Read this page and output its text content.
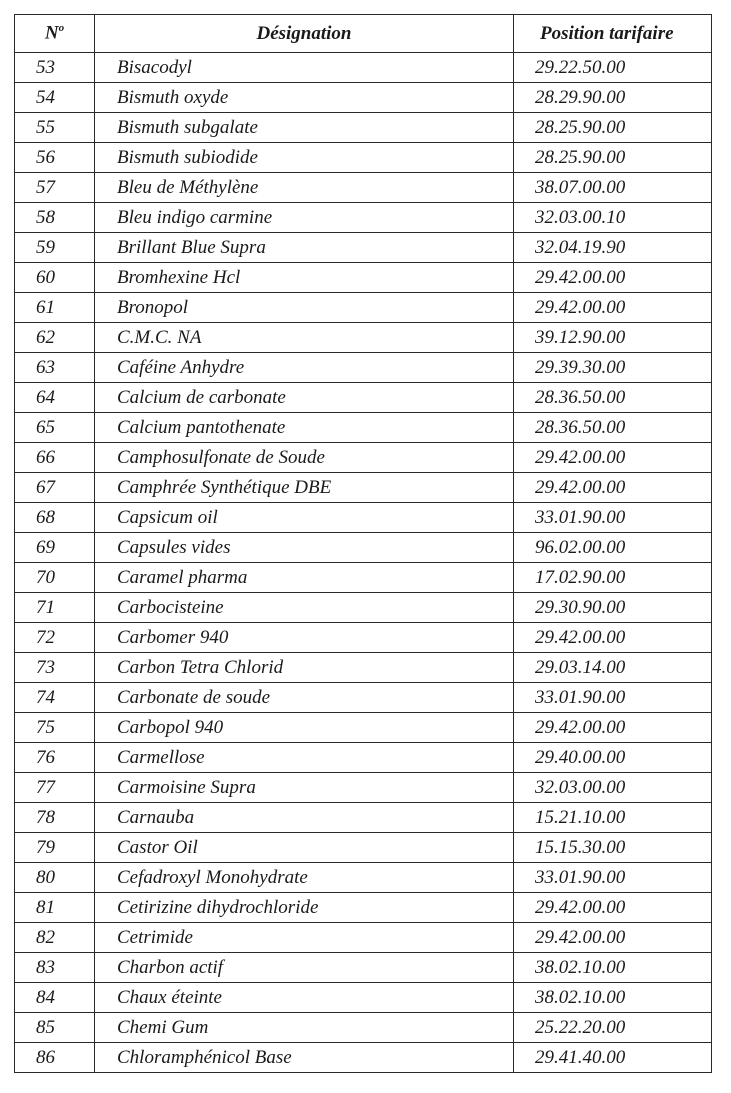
$N^o$	Désignation	Position tarifaire
53	Bisacodyl	29.22.50.00
54	Bismuth oxyde	28.29.90.00
55	Bismuth subgalate	28.25.90.00
56	Bismuth subiodide	28.25.90.00
57	Bleu de Méthylène	38.07.00.00
58	Bleu indigo carmine	32.03.00.10
59	Brillant Blue Supra	32.04.19.90
60	Bromhexine Hcl	29.42.00.00
61	Bronopol	29.42.00.00
62	C.M.C. NA	39.12.90.00
63	Caféine Anhydre	29.39.30.00
64	Calcium de carbonate	28.36.50.00
65	Calcium pantothenate	28.36.50.00
66	Camphosulfonate de Soude	29.42.00.00
67	Camphrée Synthétique DBE	29.42.00.00
68	Capsicum oil	33.01.90.00
69	Capsules vides	96.02.00.00
70	Caramel pharma	17.02.90.00
71	Carbocisteine	29.30.90.00
72	Carbomer 940	29.42.00.00
73	Carbon Tetra Chlorid	29.03.14.00
74	Carbonate de soude	33.01.90.00
75	Carbopol 940	29.42.00.00
76	Carmellose	29.40.00.00
77	Carmoisine Supra	32.03.00.00
78	Carnauba	15.21.10.00
79	Castor Oil	15.15.30.00
80	Cefadroxyl Monohydrate	33.01.90.00
81	Cetirizine dihydrochloride	29.42.00.00
82	Cetrimide	29.42.00.00
83	Charbon actif	38.02.10.00
84	Chaux éteinte	38.02.10.00
85	Chemi Gum	25.22.20.00
86	Chloramphénicol Base	29.41.40.00
